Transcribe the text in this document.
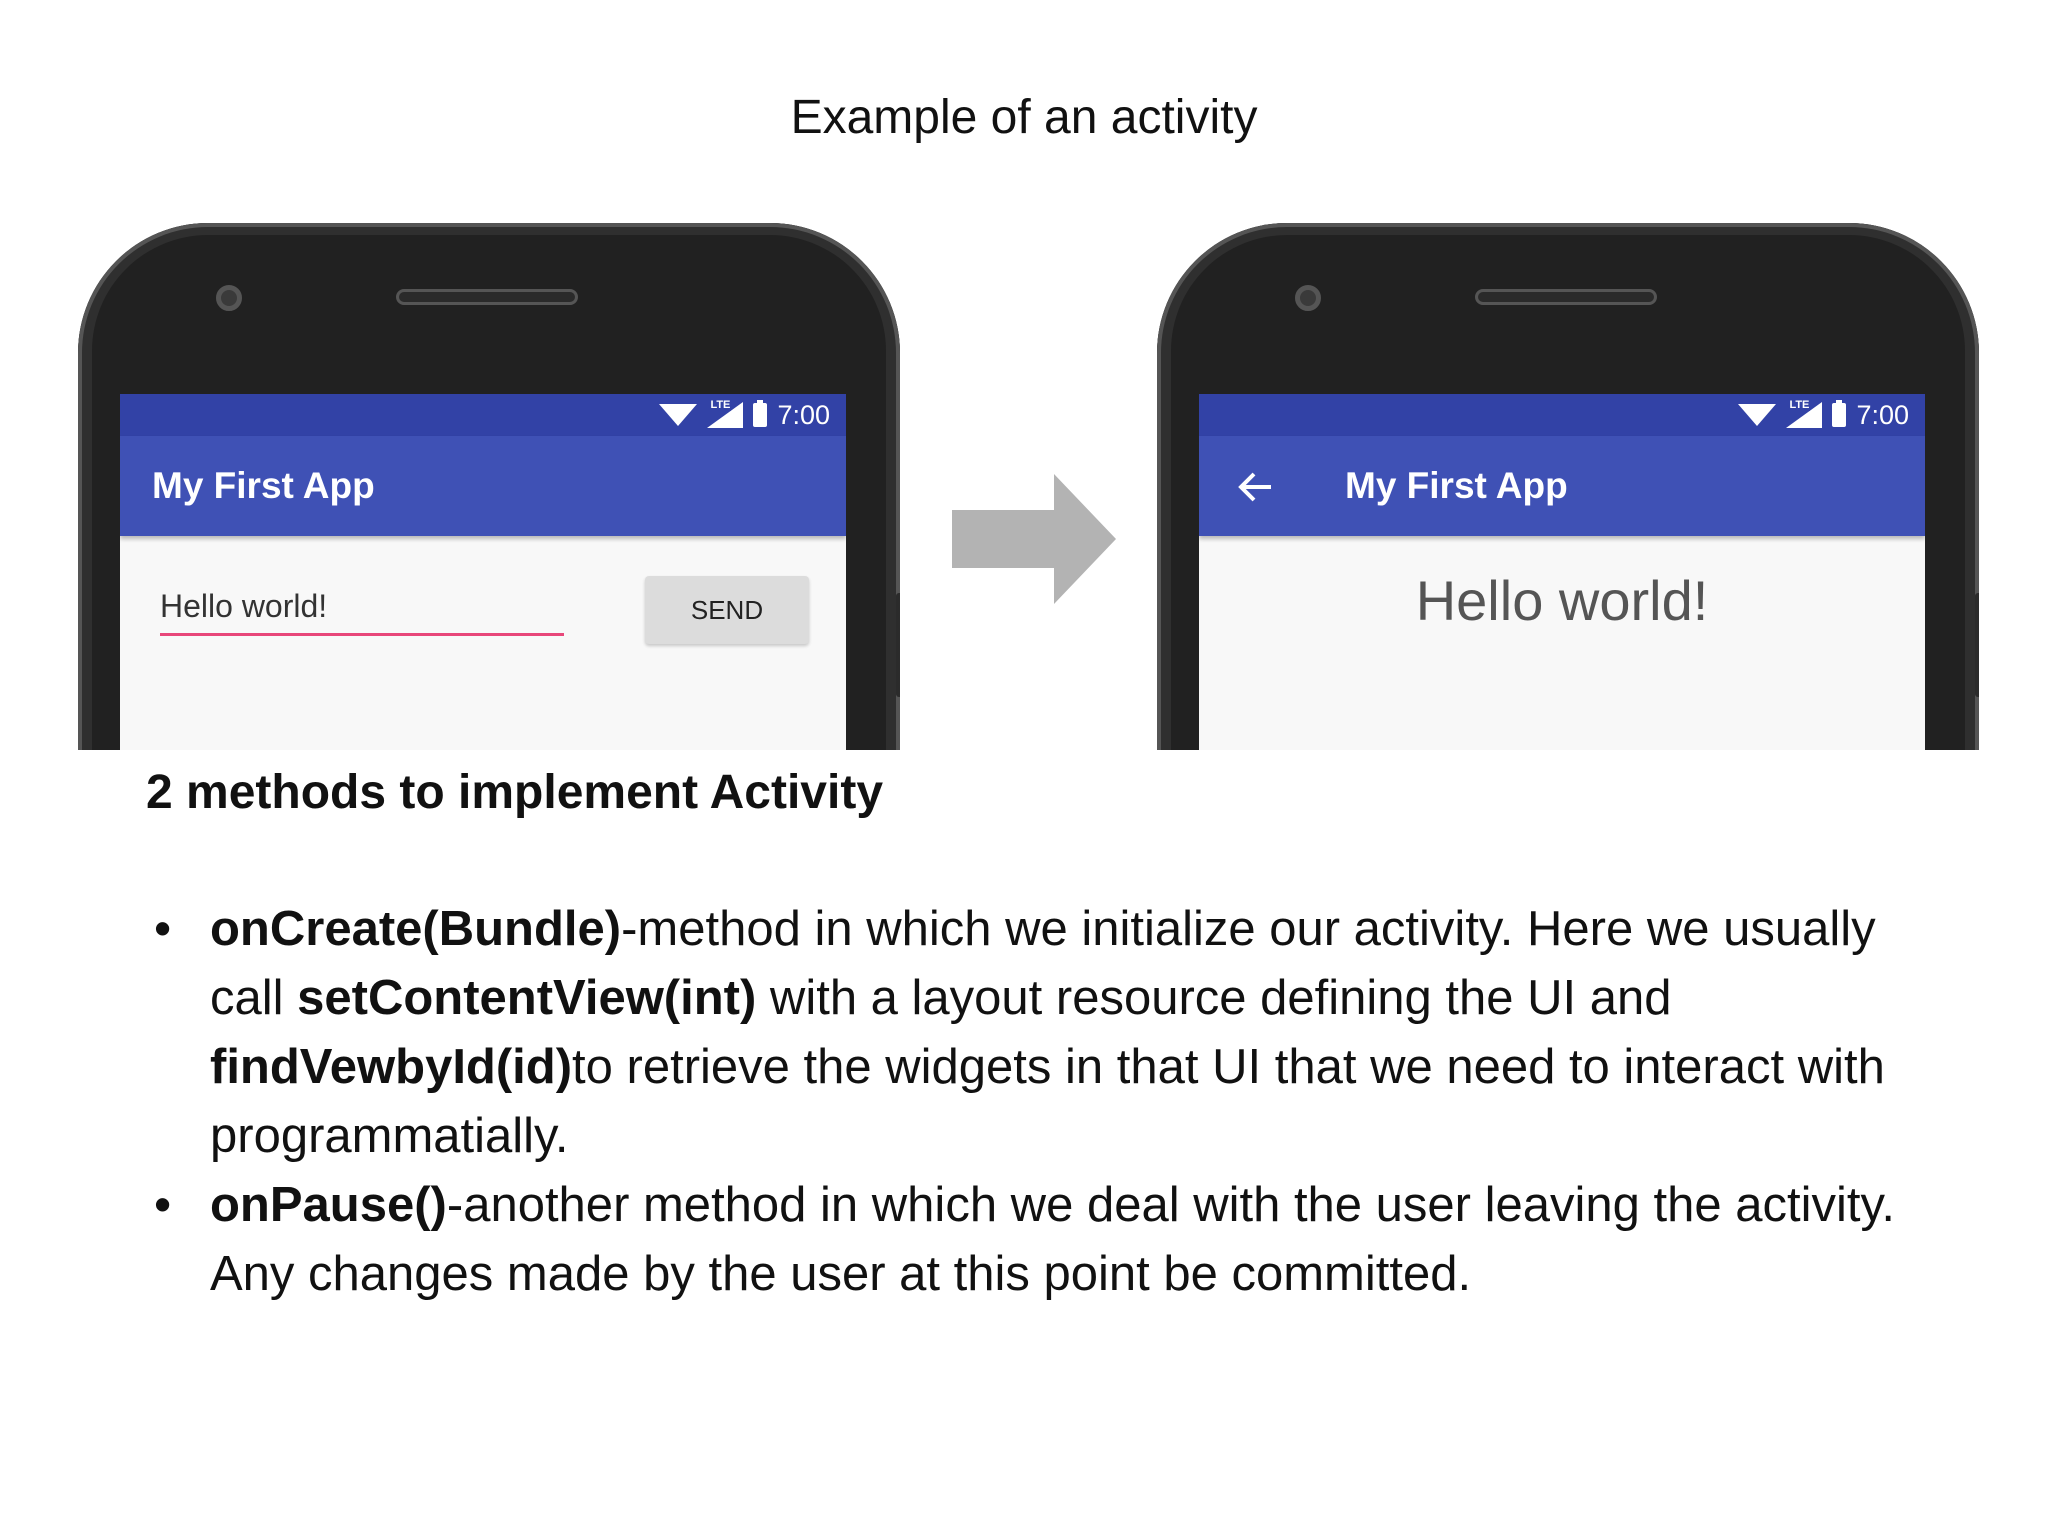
Example of an activity
LTE 7:00
My First App
Hello world!	SEND
LTE 7:00
My First App
Hello world!
2 methods to implement Activity
• onCreate(Bundle)-method in which we initialize our activity. Here we usually call setContentView(int) with a layout resource defining the UI and findVewbyId(id)to retrieve the widgets in that UI that we need to interact with programmatially.
• onPause()-another method in which we deal with the user leaving the activity. Any changes made by the user at this point be committed.
